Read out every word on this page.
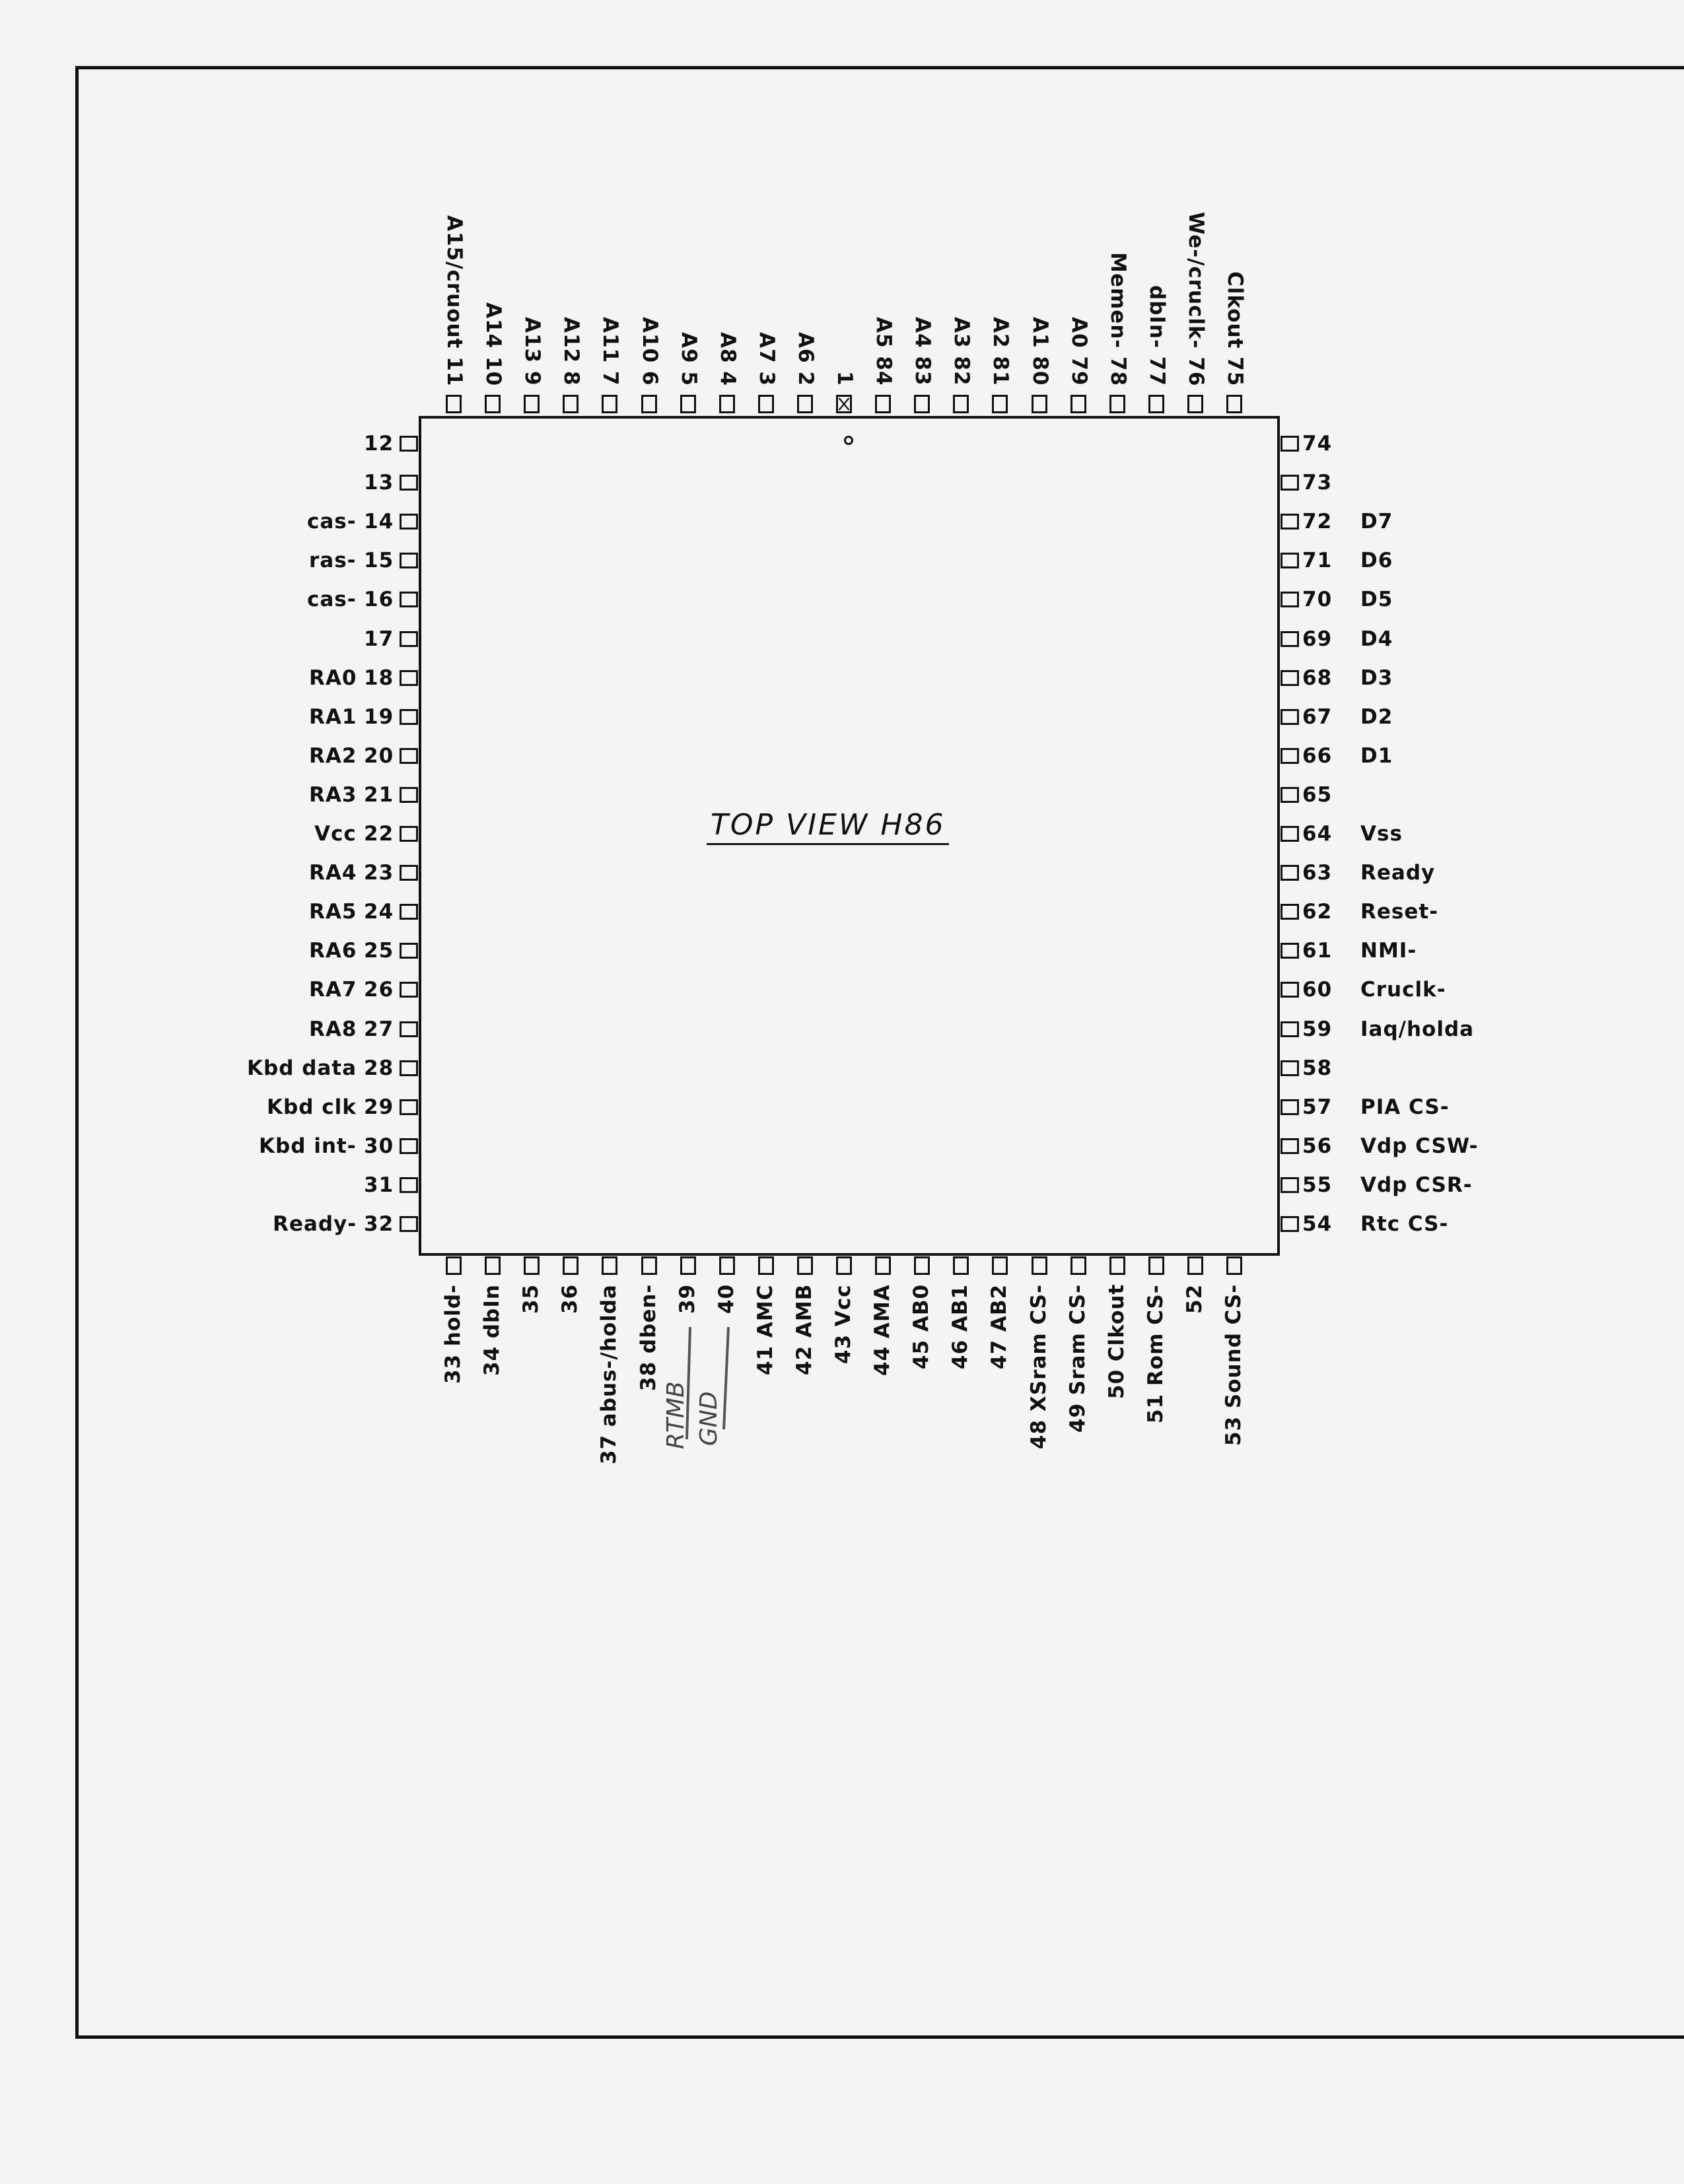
TOP VIEW H86
A15/cruout 11 A14 10 A13 9 A12 8 A11 7 A10 6 A9 5 A8 4 A7 3 A6 2 1 A5 84 A4 83 A3 82 A2 81 A1 80 A0 79 Memen- 78 dbIn- 77 We-/cruclk- 76 Clkout 75
12
13
14
cas-
15
ras-
16
cas-
17
18
RA0
19
RA1
20
RA2
21
RA3
22
Vcc
23
RA4
24
RA5
25
RA6
26
RA7
27
RA8
28
Kbd data
29
Kbd clk
30
Kbd int-
31
32
Ready-
74
73
72 D7
71 D6
70 D5
69 D4
68 D3
67 D2
66 D1
65
64 Vss
63 Ready
62 Reset-
61 NMI-
60 Cruclk-
59 Iaq/holda
58
57 PIA CS-
56 Vdp CSW-
55 Vdp CSR-
54 Rtc CS-
33 hold- 34 dbIn 35 36 37 abus-/holda 38 dben- 39 40 41 AMC 42 AMB 43 Vcc 44 AMA 45 AB0 46 AB1 47 AB2 48 XSram CS- 49 Sram CS- 50 Clkout 51 Rom CS- 52 53 Sound CS-
RTMB GND
